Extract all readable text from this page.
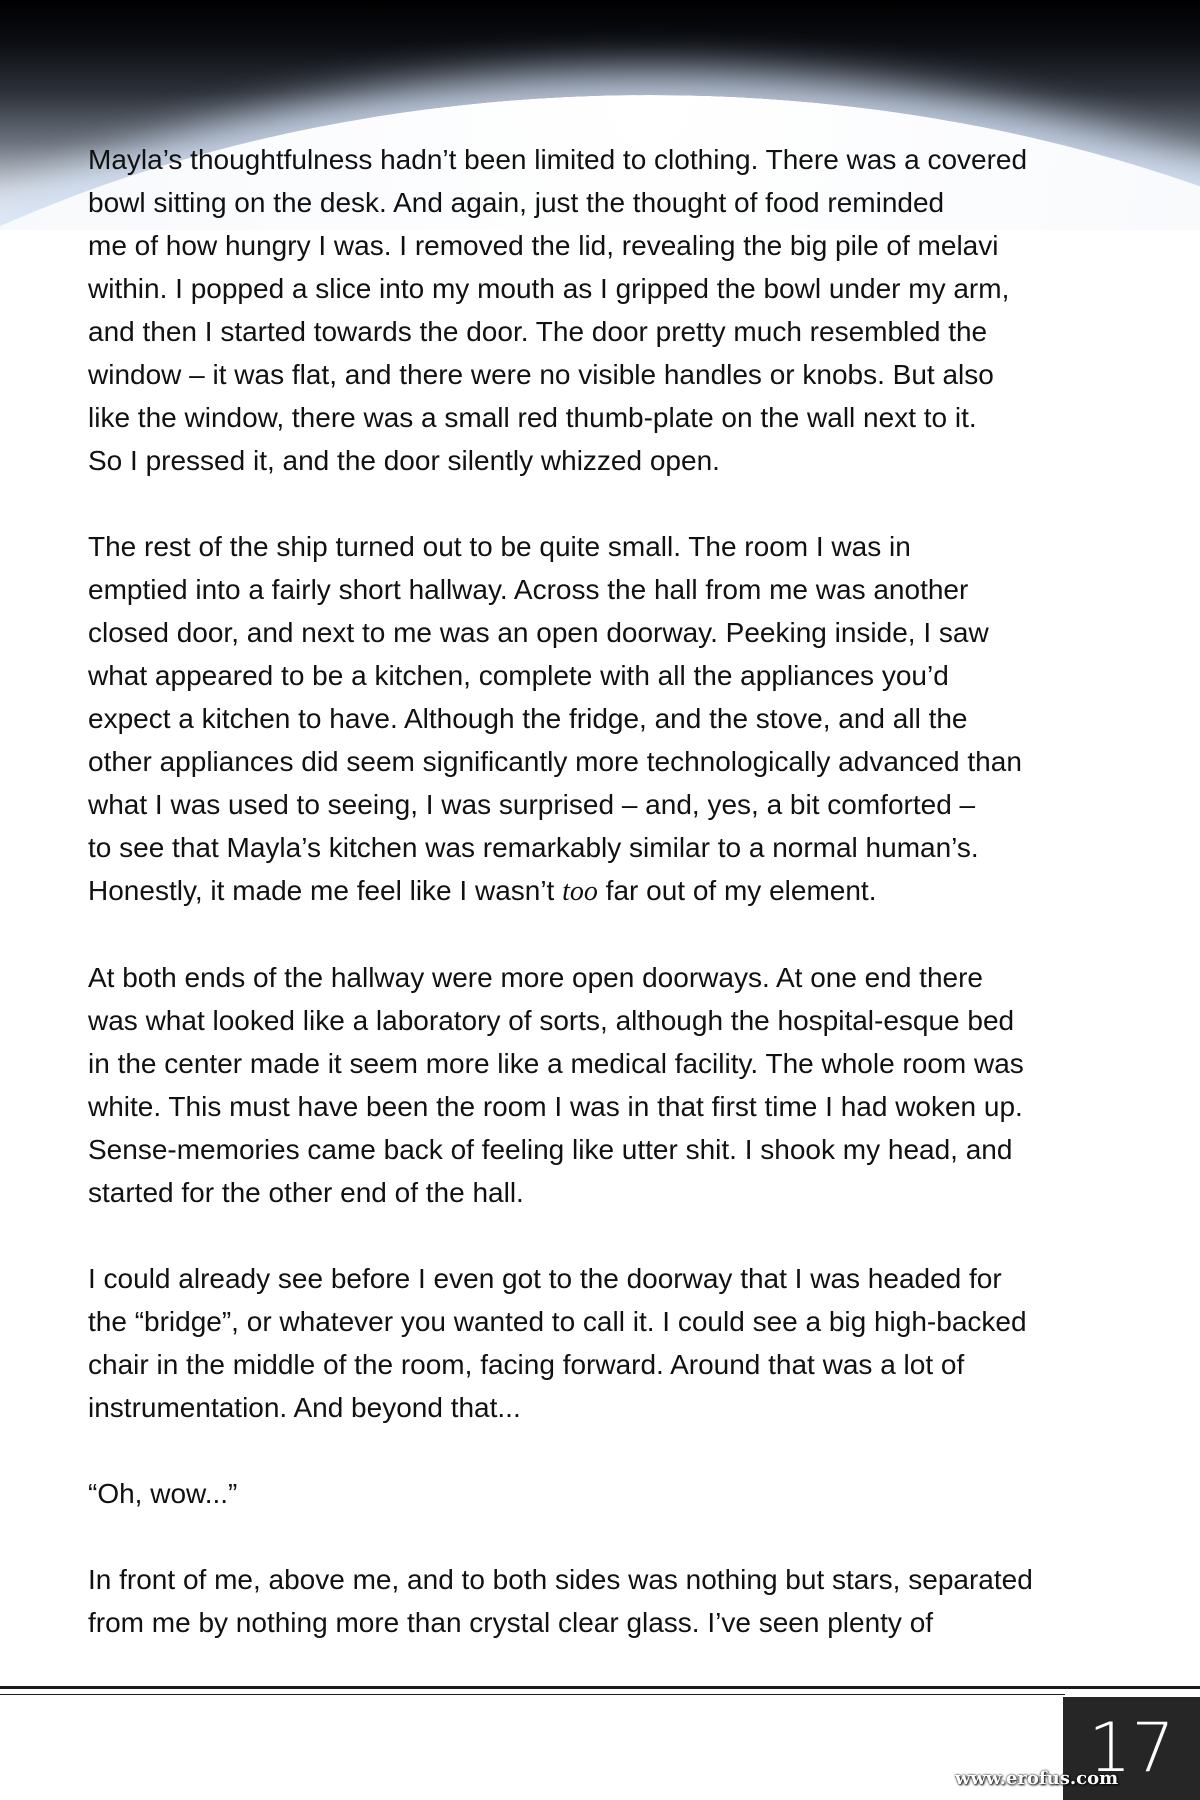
Mayla’s thoughtfulness hadn’t been limited to clothing. There was a covered
bowl sitting on the desk. And again, just the thought of food reminded
me of how hungry I was. I removed the lid, revealing the big pile of melavi
within. I popped a slice into my mouth as I gripped the bowl under my arm,
and then I started towards the door. The door pretty much resembled the
window – it was flat, and there were no visible handles or knobs. But also
like the window, there was a small red thumb-plate on the wall next to it.
So I pressed it, and the door silently whizzed open.

The rest of the ship turned out to be quite small. The room I was in
emptied into a fairly short hallway. Across the hall from me was another
closed door, and next to me was an open doorway. Peeking inside, I saw
what appeared to be a kitchen, complete with all the appliances you’d
expect a kitchen to have. Although the fridge, and the stove, and all the
other appliances did seem significantly more technologically advanced than
what I was used to seeing, I was surprised – and, yes, a bit comforted –
to see that Mayla’s kitchen was remarkably similar to a normal human’s.
Honestly, it made me feel like I wasn’t too far out of my element.

At both ends of the hallway were more open doorways. At one end there
was what looked like a laboratory of sorts, although the hospital-esque bed
in the center made it seem more like a medical facility. The whole room was
white. This must have been the room I was in that first time I had woken up.
Sense-memories came back of feeling like utter shit. I shook my head, and
started for the other end of the hall.

I could already see before I even got to the doorway that I was headed for
the “bridge”, or whatever you wanted to call it. I could see a big high-backed
chair in the middle of the room, facing forward. Around that was a lot of
instrumentation. And beyond that...

“Oh, wow...”

In front of me, above me, and to both sides was nothing but stars, separated
from me by nothing more than crystal clear glass. I’ve seen plenty of

17
www.erofus.com
